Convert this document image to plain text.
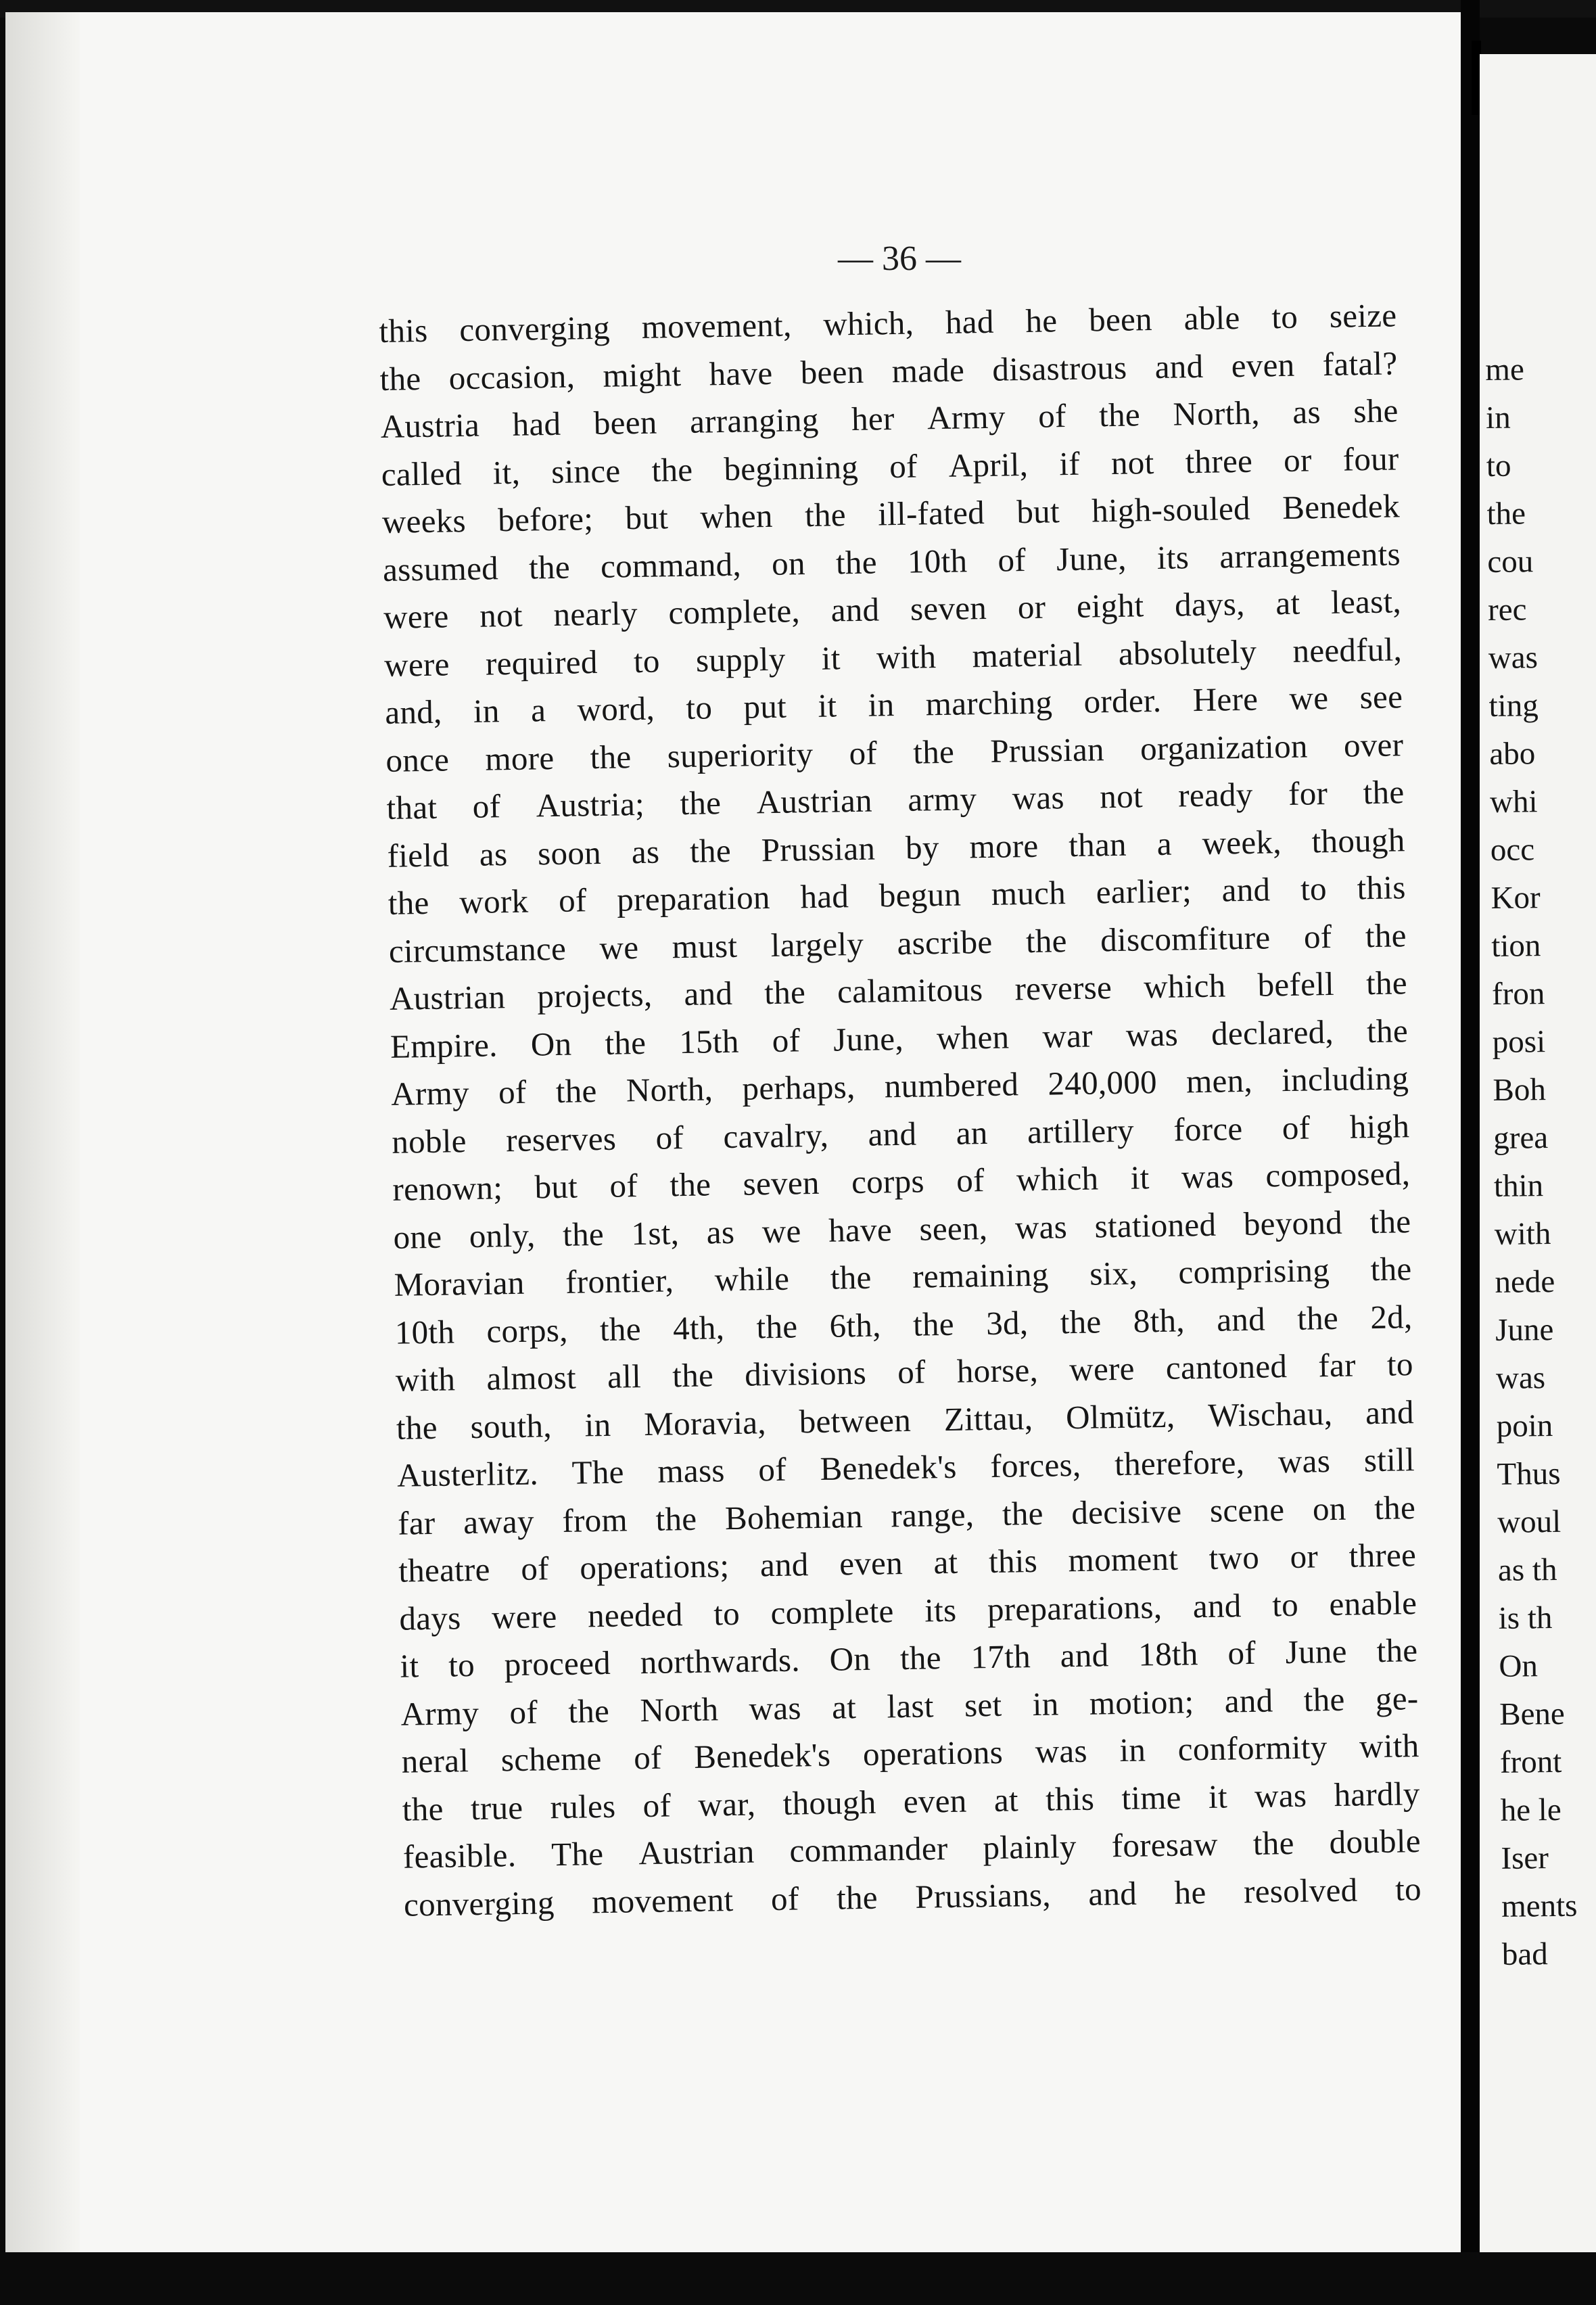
— 36 —
this converging movement, which, had he been able to seize
the occasion, might have been made disastrous and even fatal?
Austria had been arranging her Army of the North, as she
called it, since the beginning of April, if not three or four
weeks before; but when the ill-fated but high-souled Benedek
assumed the command, on the 10th of June, its arrangements
were not nearly complete, and seven or eight days, at least,
were required to supply it with material absolutely needful,
and, in a word, to put it in marching order. Here we see
once more the superiority of the Prussian organization over
that of Austria; the Austrian army was not ready for the
field as soon as the Prussian by more than a week, though
the work of preparation had begun much earlier; and to this
circumstance we must largely ascribe the discomfiture of the
Austrian projects, and the calamitous reverse which befell the
Empire. On the 15th of June, when war was declared, the
Army of the North, perhaps, numbered 240,000 men, including
noble reserves of cavalry, and an artillery force of high
renown; but of the seven corps of which it was composed,
one only, the 1st, as we have seen, was stationed beyond the
Moravian frontier, while the remaining six, comprising the
10th corps, the 4th, the 6th, the 3d, the 8th, and the 2d,
with almost all the divisions of horse, were cantoned far to
the south, in Moravia, between Zittau, Olmütz, Wischau, and
Austerlitz. The mass of Benedek's forces, therefore, was still
far away from the Bohemian range, the decisive scene on the
theatre of operations; and even at this moment two or three
days were needed to complete its preparations, and to enable
it to proceed northwards. On the 17th and 18th of June the
Army of the North was at last set in motion; and the ge-
neral scheme of Benedek's operations was in conformity with
the true rules of war, though even at this time it was hardly
feasible. The Austrian commander plainly foresaw the double
converging movement of the Prussians, and he resolved to
me
in
to
the
cou
rec
was
ting
abo
whi
occ
Kor
tion
fron
posi
Boh
grea
thin
with
nede
June
was
poin
Thus
woul
as th
is th
On
Bene
front
he le
Iser
ments
bad
